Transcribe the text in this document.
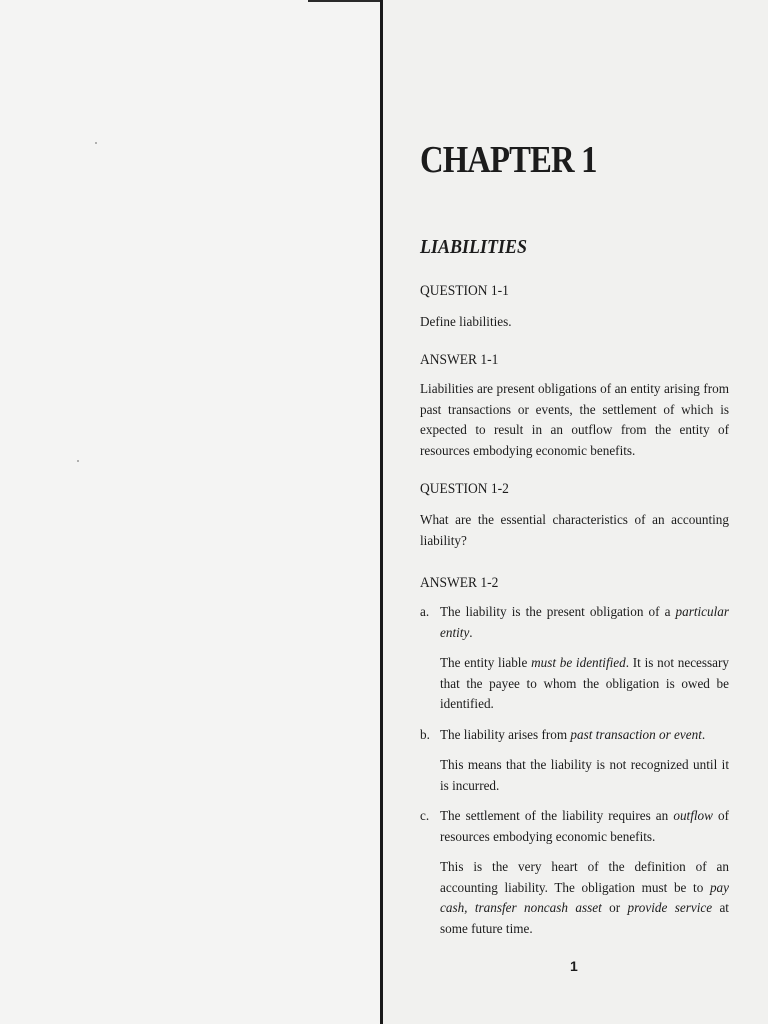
CHAPTER 1
LIABILITIES
QUESTION 1-1

Define liabilities.

ANSWER 1-1

Liabilities are present obligations of an entity arising from past transactions or events, the settlement of which is expected to result in an outflow from the entity of resources embodying economic benefits.

QUESTION 1-2

What are the essential characteristics of an accounting liability?

ANSWER 1-2

a. The liability is the present obligation of a particular entity.

The entity liable must be identified. It is not necessary that the payee to whom the obligation is owed be identified.

b. The liability arises from past transaction or event.

This means that the liability is not recognized until it is incurred.

c. The settlement of the liability requires an outflow of resources embodying economic benefits.

This is the very heart of the definition of an accounting liability. The obligation must be to pay cash, transfer noncash asset or provide service at some future time.

1
